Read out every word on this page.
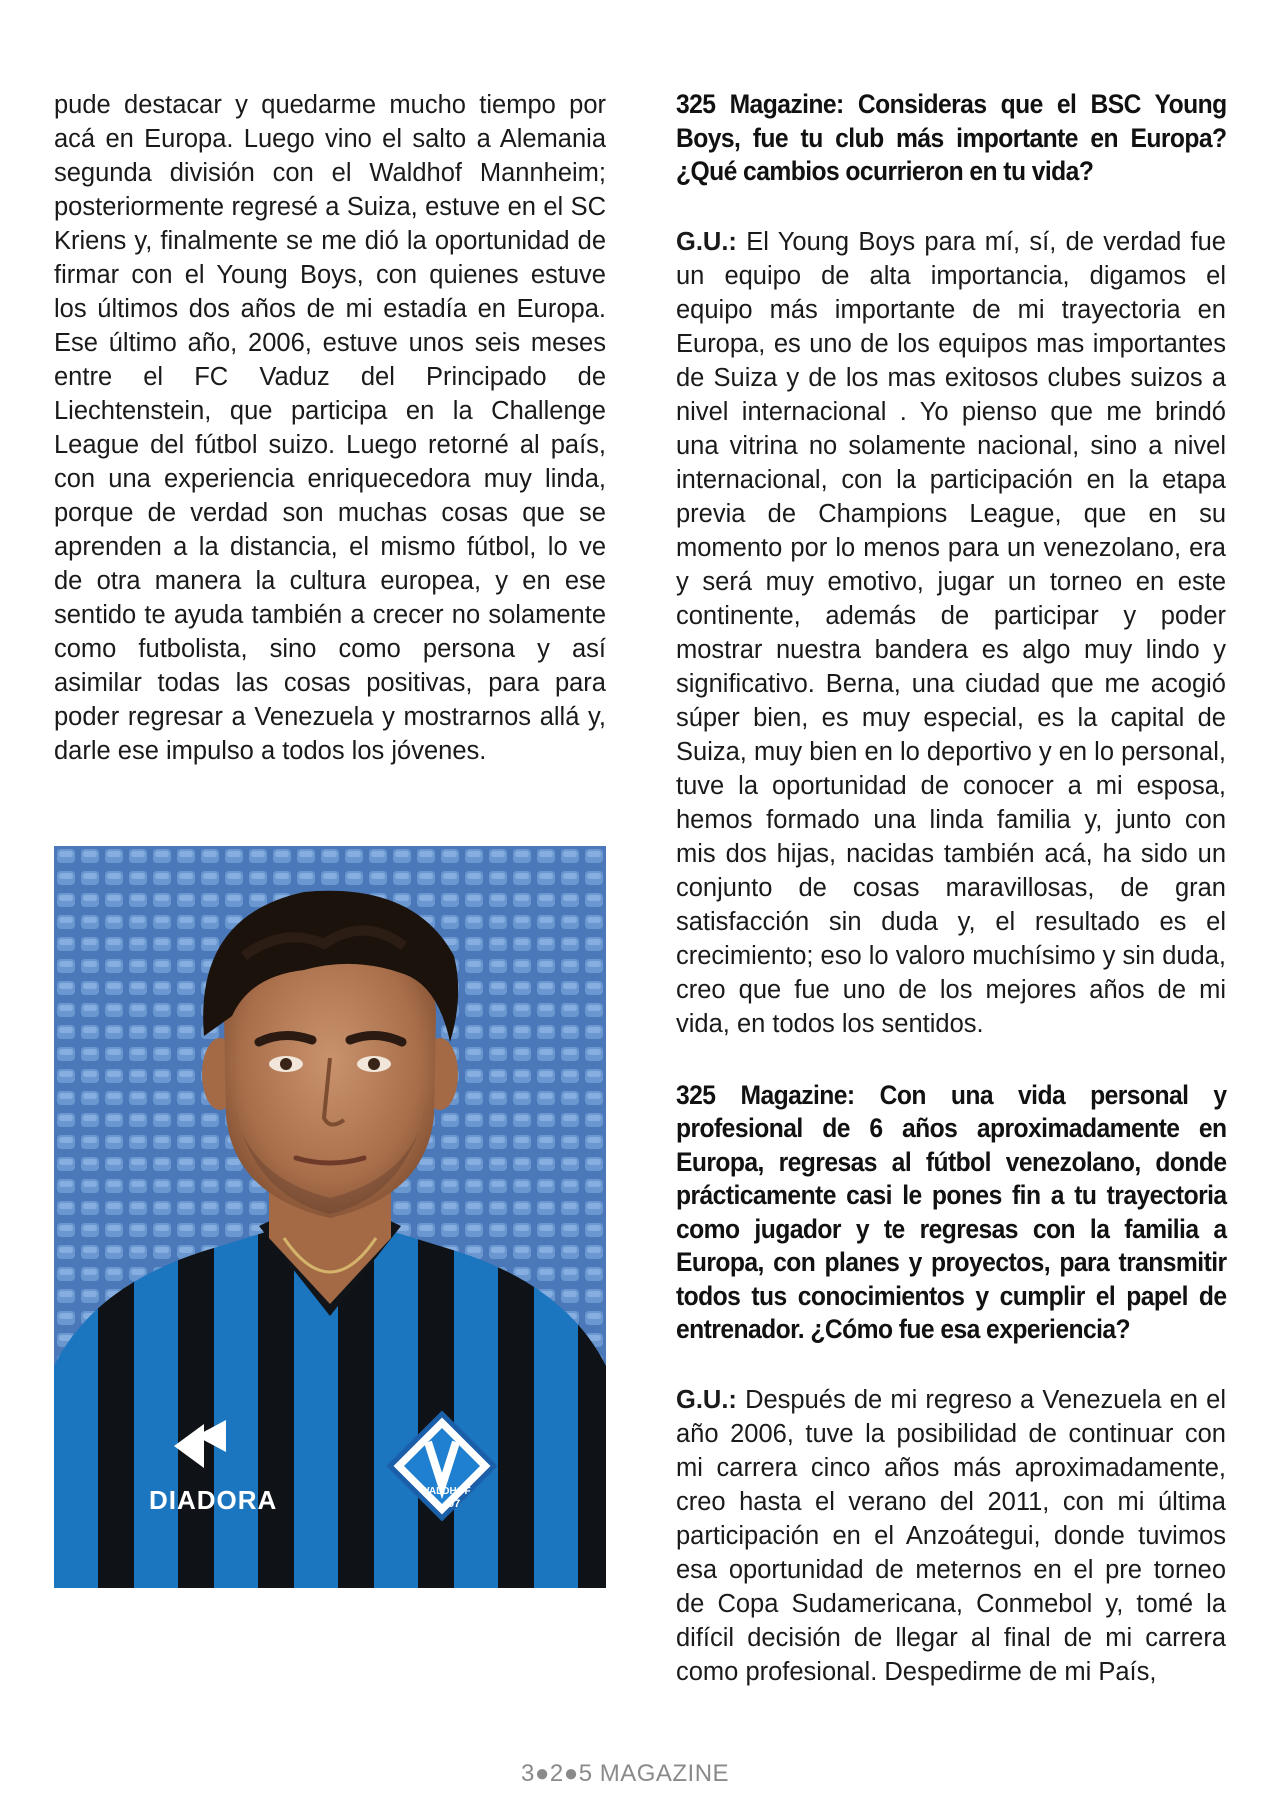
pude destacar y quedarme mucho tiempo por acá en Europa. Luego vino el salto a Alemania segunda división con el Waldhof Mannheim; posteriormente regresé a Suiza, estuve en el SC Kriens y, finalmente se me dió la oportunidad de firmar con el Young Boys, con quienes estuve los últimos dos años de mi estadía en Europa. Ese último año, 2006, estuve unos seis meses entre el FC Vaduz del Principado de Liechtenstein, que participa en la Challenge League del fútbol suizo. Luego retorné al país, con una experiencia enriquecedora muy linda, porque de verdad son muchas cosas que se aprenden a la distancia, el mismo fútbol, lo ve de otra manera la cultura europea, y en ese sentido te ayuda también a crecer no solamente como futbolista, sino como persona y así asimilar todas las cosas positivas, para para poder regresar a Venezuela y mostrarnos allá y, darle ese impulso a todos los jóvenes.

DIADORA	WALDHOF
07

325 Magazine: Consideras que el BSC Young Boys, fue tu club más importante en Europa? ¿Qué cambios ocurrieron en tu vida?

G.U.: El Young Boys para mí, sí, de verdad fue un equipo de alta importancia, digamos el equipo más importante de mi trayectoria en Europa, es uno de los equipos mas importantes de Suiza y de los mas exitosos clubes suizos a nivel internacional . Yo pienso que me brindó una vitrina no solamente nacional, sino a nivel internacional, con la participación en la etapa previa de Champions League, que en su momento por lo menos para un venezolano, era y será muy emotivo, jugar un torneo en este continente, además de participar y poder mostrar nuestra bandera es algo muy lindo y significativo. Berna, una ciudad que me acogió súper bien, es muy especial, es la capital de Suiza, muy bien en lo deportivo y en lo personal, tuve la oportunidad de conocer a mi esposa, hemos formado una linda familia y, junto con mis dos hijas, nacidas también acá, ha sido un conjunto de cosas maravillosas, de gran satisfacción sin duda y, el resultado es el crecimiento; eso lo valoro muchísimo y sin duda, creo que fue uno de los mejores años de mi vida, en todos los sentidos.

325 Magazine: Con una vida personal y profesional de 6 años aproximadamente en Europa, regresas al fútbol venezolano, donde prácticamente casi le pones fin a tu trayectoria como jugador y te regresas con la familia a Europa, con planes y proyectos, para transmitir todos tus conocimientos y cumplir el papel de entrenador. ¿Cómo fue esa experiencia?

G.U.: Después de mi regreso a Venezuela en el año 2006, tuve la posibilidad de continuar con mi carrera cinco años más aproximadamente, creo hasta el verano del 2011, con mi última participación en el Anzoátegui, donde tuvimos esa oportunidad de meternos en el pre torneo de Copa Sudamericana, Conmebol y, tomé la difícil decisión de llegar al final de mi carrera como profesional. Despedirme de mi País,

3●2●5 MAGAZINE
